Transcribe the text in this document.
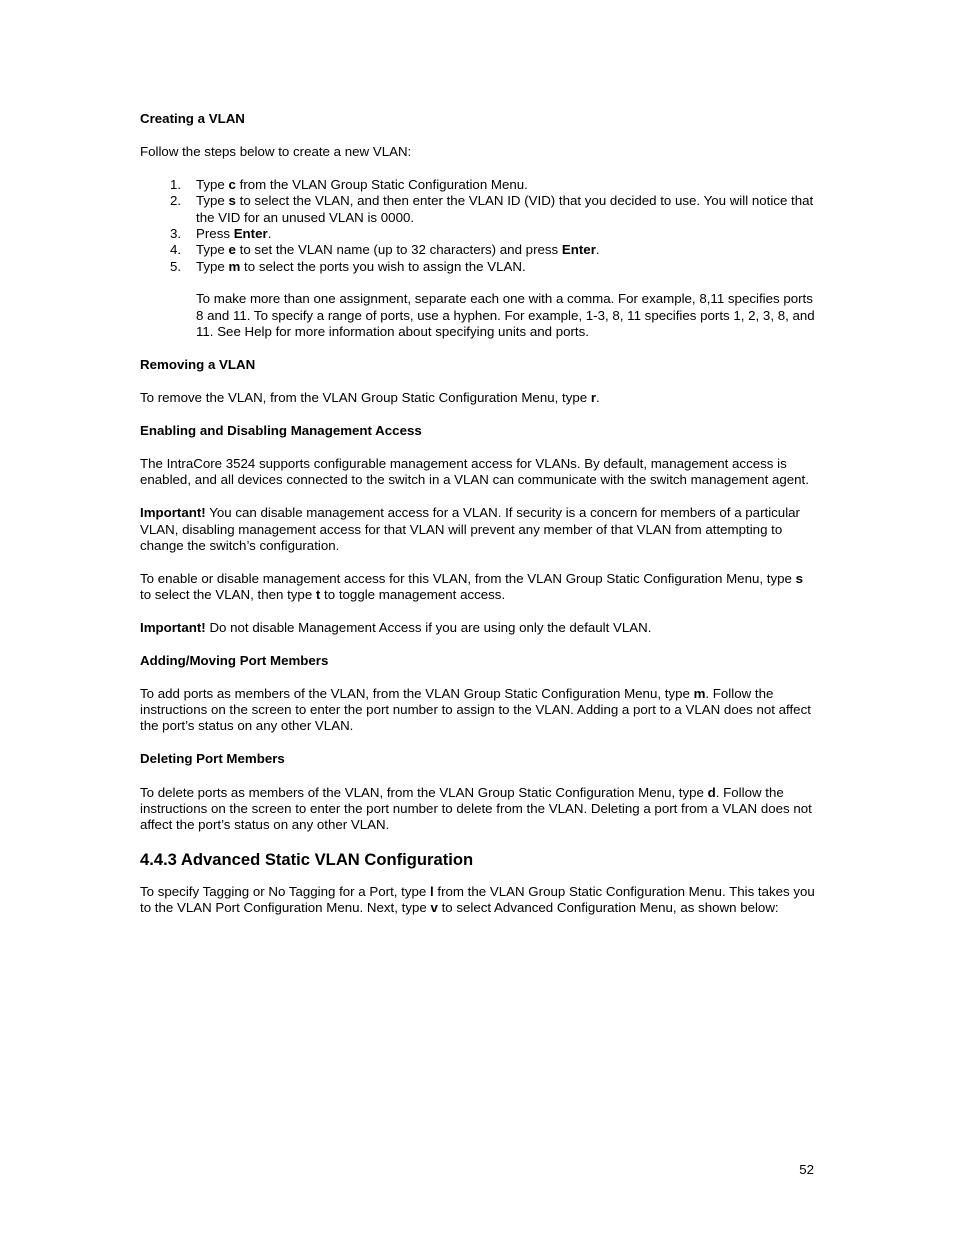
Creating a VLAN

Follow the steps below to create a new VLAN:

1. Type c from the VLAN Group Static Configuration Menu.
2. Type s to select the VLAN, and then enter the VLAN ID (VID) that you decided to use. You will notice that the VID for an unused VLAN is 0000.
3. Press Enter.
4. Type e to set the VLAN name (up to 32 characters) and press Enter.
5. Type m to select the ports you wish to assign the VLAN.

To make more than one assignment, separate each one with a comma. For example, 8,11 specifies ports 8 and 11. To specify a range of ports, use a hyphen. For example, 1-3, 8, 11 specifies ports 1, 2, 3, 8, and 11. See Help for more information about specifying units and ports.

Removing a VLAN

To remove the VLAN, from the VLAN Group Static Configuration Menu, type r.

Enabling and Disabling Management Access

The IntraCore 3524 supports configurable management access for VLANs. By default, management access is enabled, and all devices connected to the switch in a VLAN can communicate with the switch management agent.

Important! You can disable management access for a VLAN. If security is a concern for members of a particular VLAN, disabling management access for that VLAN will prevent any member of that VLAN from attempting to change the switch’s configuration.

To enable or disable management access for this VLAN, from the VLAN Group Static Configuration Menu, type s to select the VLAN, then type t to toggle management access.

Important! Do not disable Management Access if you are using only the default VLAN.

Adding/Moving Port Members

To add ports as members of the VLAN, from the VLAN Group Static Configuration Menu, type m. Follow the instructions on the screen to enter the port number to assign to the VLAN. Adding a port to a VLAN does not affect the port’s status on any other VLAN.

Deleting Port Members

To delete ports as members of the VLAN, from the VLAN Group Static Configuration Menu, type d. Follow the instructions on the screen to enter the port number to delete from the VLAN. Deleting a port from a VLAN does not affect the port’s status on any other VLAN.

4.4.3 Advanced Static VLAN Configuration

To specify Tagging or No Tagging for a Port, type l from the VLAN Group Static Configuration Menu. This takes you to the VLAN Port Configuration Menu. Next, type v to select Advanced Configuration Menu, as shown below:

52
